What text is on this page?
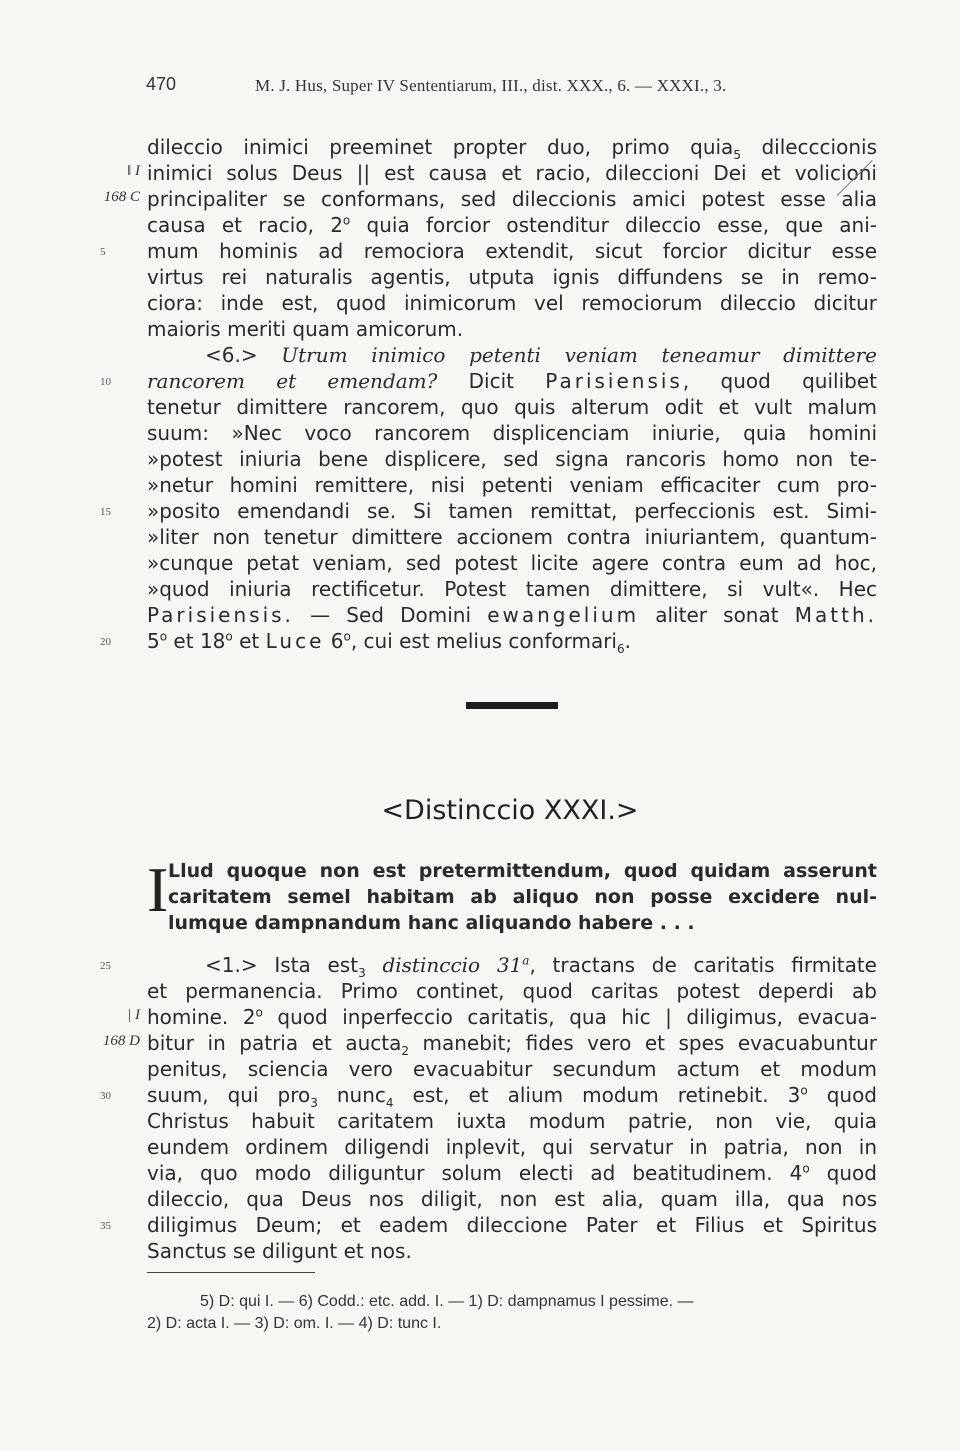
470	M. J. Hus, Super IV Sententiarum, III., dist. XXX., 6. — XXXI., 3.
dileccio inimici preeminet propter duo, primo quia$_5$ dilecccionis
inimici solus Deus || est causa et racio, dileccioni Dei et volicioni
principaliter se conformans, sed dileccionis amici potest esse alia
causa et racio, 2$^o$ quia forcior ostenditur dileccio esse, que ani-
mum hominis ad remociora extendit, sicut forcior dicitur esse
virtus rei naturalis agentis, utputa ignis diffundens se in remo-
ciora: inde est, quod inimicorum vel remociorum dileccio dicitur
maioris meriti quam amicorum.
<6.> Utrum inimico petenti veniam teneamur dimittere
rancorem et emendam? Dicit Parisiensis, quod quilibet
tenetur dimittere rancorem, quo quis alterum odit et vult malum
suum: »Nec voco rancorem displicenciam iniurie, quia homini
»potest iniuria bene displicere, sed signa rancoris homo non te-
»netur homini remittere, nisi petenti veniam efficaciter cum pro-
»posito emendandi se. Si tamen remittat, perfeccionis est. Simi-
»liter non tenetur dimittere accionem contra iniuriantem, quantum-
»cunque petat veniam, sed potest licite agere contra eum ad hoc,
»quod iniuria rectificetur. Potest tamen dimittere, si vult«. Hec
Parisiensis. — Sed Domini ewangelium aliter sonat Matth.
5$^o$ et 18$^o$ et Luce 6$^o$, cui est melius conformari$_6$.
<Distinccio XXXI.>
I Llud quoque non est pretermittendum, quod quidam asserunt
caritatem semel habitam ab aliquo non posse excidere nul-
lumque dampnandum hanc aliquando habere . . .
<1.> Ista est$_3$ distinccio 31$^a$, tractans de caritatis firmitate
et permanencia. Primo continet, quod caritas potest deperdi ab
homine. 2$^o$ quod inperfeccio caritatis, qua hic | diligimus, evacua-
bitur in patria et aucta$_2$ manebit; fides vero et spes evacuabuntur
penitus, sciencia vero evacuabitur secundum actum et modum
suum, qui pro$_3$ nunc$_4$ est, et alium modum retinebit. 3$^o$ quod
Christus habuit caritatem iuxta modum patrie, non vie, quia
eundem ordinem diligendi inplevit, qui servatur in patria, non in
via, quo modo diliguntur solum electi ad beatitudinem. 4$^o$ quod
dileccio, qua Deus nos diligit, non est alia, quam illa, qua nos
diligimus Deum; et eadem dileccione Pater et Filius et Spiritus
Sanctus se diligunt et nos.
5
10
15
20
25
30
35
‖ I
168 C
| I
168 D
5) D: qui I. — 6) Codd.: etc. add. I. — 1) D: dampnamus I pessime. —
2) D: acta I. — 3) D: om. I. — 4) D: tunc I.
